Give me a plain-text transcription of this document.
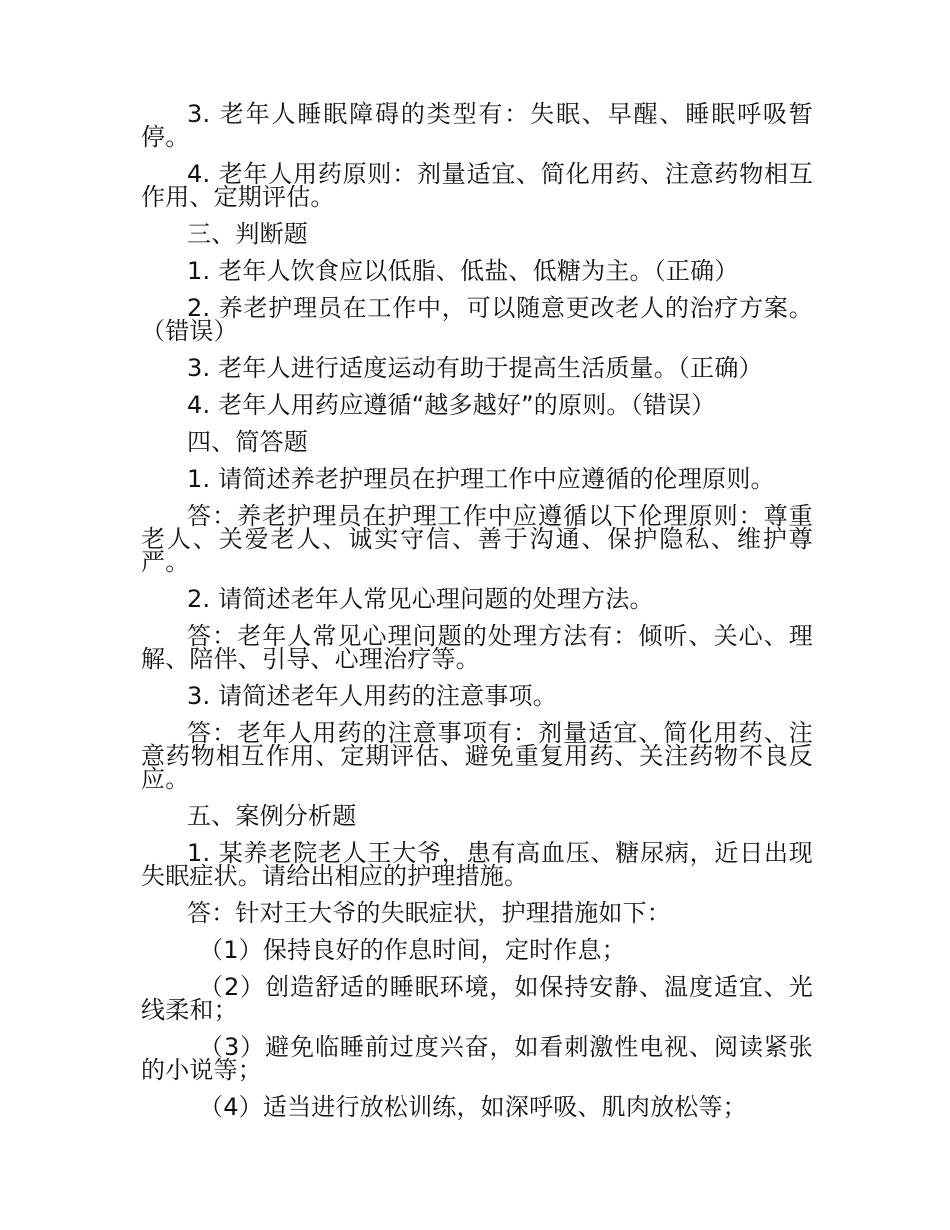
3. 老年人睡眠障碍的类型有：失眠、早醒、睡眠呼吸暂停。

4. 老年人用药原则：剂量适宜、简化用药、注意药物相互作用、定期评估。

三、判断题

1. 老年人饮食应以低脂、低盐、低糖为主。（正确）

2. 养老护理员在工作中，可以随意更改老人的治疗方案。（错误）

3. 老年人进行适度运动有助于提高生活质量。（正确）

4. 老年人用药应遵循“越多越好”的原则。（错误）

四、简答题

1. 请简述养老护理员在护理工作中应遵循的伦理原则。

答：养老护理员在护理工作中应遵循以下伦理原则：尊重老人、关爱老人、诚实守信、善于沟通、保护隐私、维护尊严。

2. 请简述老年人常见心理问题的处理方法。

答：老年人常见心理问题的处理方法有：倾听、关心、理解、陪伴、引导、心理治疗等。

3. 请简述老年人用药的注意事项。

答：老年人用药的注意事项有：剂量适宜、简化用药、注意药物相互作用、定期评估、避免重复用药、关注药物不良反应。

五、案例分析题

1. 某养老院老人王大爷，患有高血压、糖尿病，近日出现失眠症状。请给出相应的护理措施。

答：针对王大爷的失眠症状，护理措施如下：

（1）保持良好的作息时间，定时作息；

（2）创造舒适的睡眠环境，如保持安静、温度适宜、光线柔和；

（3）避免临睡前过度兴奋，如看刺激性电视、阅读紧张的小说等；

（4）适当进行放松训练，如深呼吸、肌肉放松等；
